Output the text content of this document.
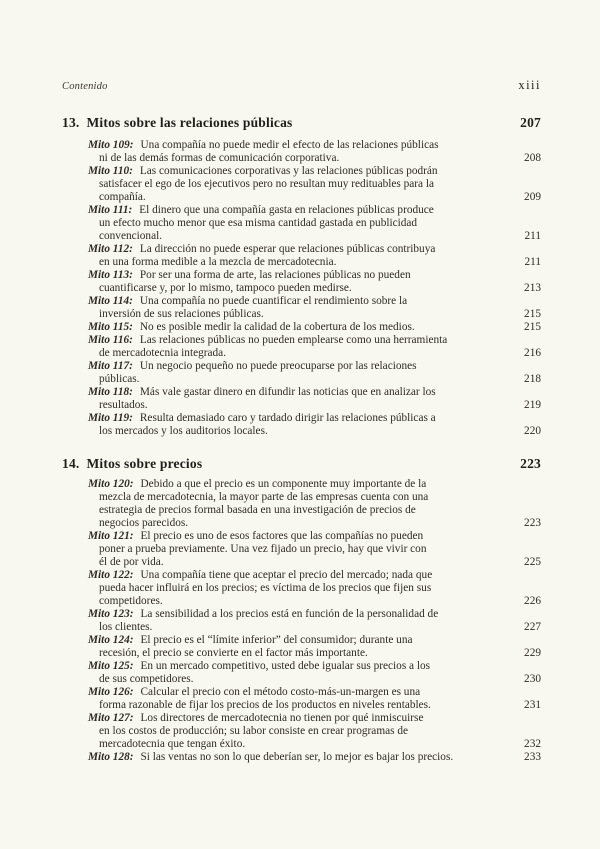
Contenido	xiii
13. Mitos sobre las relaciones públicas	207
Mito 109: Una compañía no puede medir el efecto de las relaciones públicas
ni de las demás formas de comunicación corporativa.	208
Mito 110: Las comunicaciones corporativas y las relaciones públicas podrán
satisfacer el ego de los ejecutivos pero no resultan muy redituables para la
compañía.	209
Mito 111: El dinero que una compañía gasta en relaciones públicas produce
un efecto mucho menor que esa misma cantidad gastada en publicidad
convencional.	211
Mito 112: La dirección no puede esperar que relaciones públicas contribuya
en una forma medible a la mezcla de mercadotecnia.	211
Mito 113: Por ser una forma de arte, las relaciones públicas no pueden
cuantificarse y, por lo mismo, tampoco pueden medirse.	213
Mito 114: Una compañía no puede cuantificar el rendimiento sobre la
inversión de sus relaciones públicas.	215
Mito 115: No es posible medir la calidad de la cobertura de los medios.	215
Mito 116: Las relaciones públicas no pueden emplearse como una herramienta
de mercadotecnia integrada.	216
Mito 117: Un negocio pequeño no puede preocuparse por las relaciones
públicas.	218
Mito 118: Más vale gastar dinero en difundir las noticias que en analizar los
resultados.	219
Mito 119: Resulta demasiado caro y tardado dirigir las relaciones públicas a
los mercados y los auditorios locales.	220
14. Mitos sobre precios	223
Mito 120: Debido a que el precio es un componente muy importante de la
mezcla de mercadotecnia, la mayor parte de las empresas cuenta con una
estrategia de precios formal basada en una investigación de precios de
negocios parecidos.	223
Mito 121: El precio es uno de esos factores que las compañías no pueden
poner a prueba previamente. Una vez fijado un precio, hay que vivir con
él de por vida.	225
Mito 122: Una compañía tiene que aceptar el precio del mercado; nada que
pueda hacer influirá en los precios; es víctima de los precios que fijen sus
competidores.	226
Mito 123: La sensibilidad a los precios está en función de la personalidad de
los clientes.	227
Mito 124: El precio es el “límite inferior” del consumidor; durante una
recesión, el precio se convierte en el factor más importante.	229
Mito 125: En un mercado competitivo, usted debe igualar sus precios a los
de sus competidores.	230
Mito 126: Calcular el precio con el método costo-más-un-margen es una
forma razonable de fijar los precios de los productos en niveles rentables.	231
Mito 127: Los directores de mercadotecnia no tienen por qué inmiscuirse
en los costos de producción; su labor consiste en crear programas de
mercadotecnia que tengan éxito.	232
Mito 128: Si las ventas no son lo que deberían ser, lo mejor es bajar los precios.	233
